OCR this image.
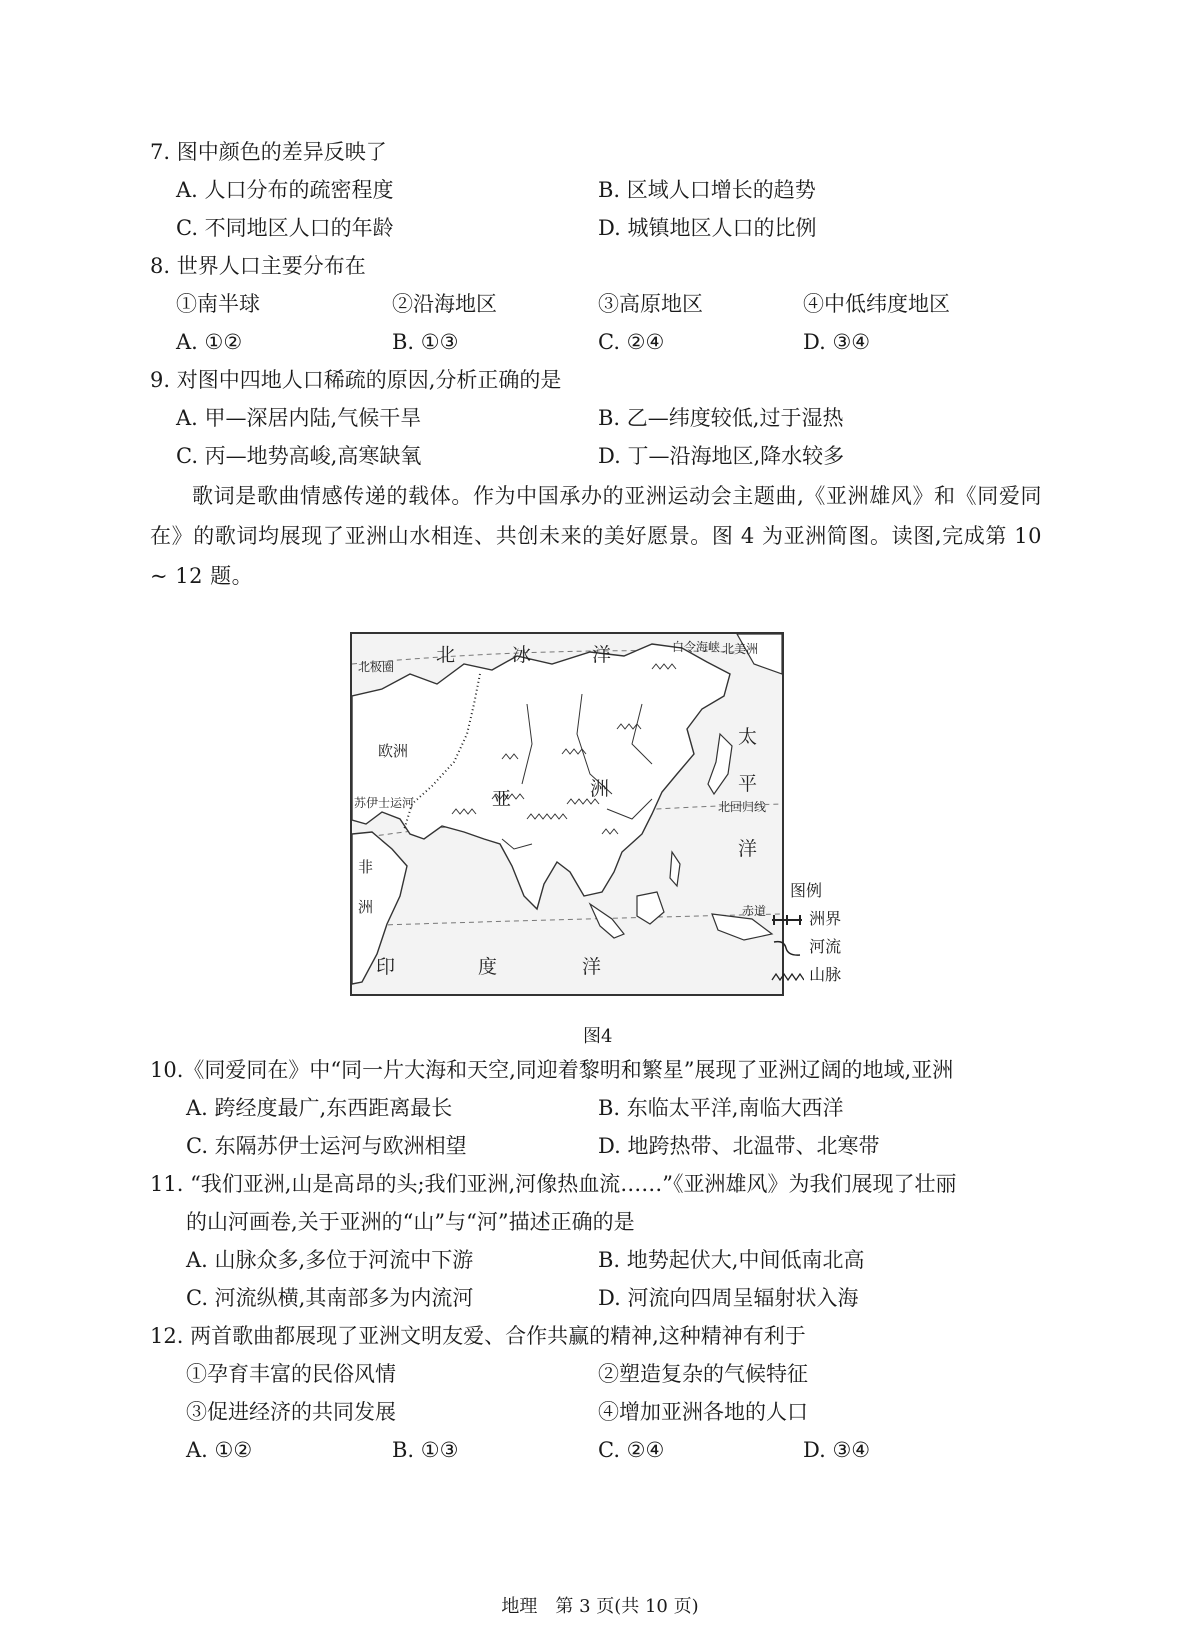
7. 图中颜色的差异反映了
A. 人口分布的疏密程度	B. 区域人口增长的趋势
C. 不同地区人口的年龄	D. 城镇地区人口的比例
8. 世界人口主要分布在
①南半球	②沿海地区	③高原地区	④中低纬度地区
A. ①②	B. ①③	C. ②④	D. ③④
9. 对图中四地人口稀疏的原因,分析正确的是
A. 甲—深居内陆,气候干旱	B. 乙—纬度较低,过于湿热
C. 丙—地势高峻,高寒缺氧	D. 丁—沿海地区,降水较多
歌词是歌曲情感传递的载体。作为中国承办的亚洲运动会主题曲,《亚洲雄风》和《同爱同在》的歌词均展现了亚洲山水相连、共创未来的美好愿景。图 4 为亚洲简图。读图,完成第 10 ~ 12 题。
北	冰	洋
北极圈
白令海峡 北美洲
欧洲
亚	洲
苏伊士运河
非
洲
太
平
洋
北回归线
印	度	洋
赤道
图例
洲界
河流
山脉
图4
10.《同爱同在》中“同一片大海和天空,同迎着黎明和繁星”展现了亚洲辽阔的地域,亚洲
A. 跨经度最广,东西距离最长	B. 东临太平洋,南临大西洋
C. 东隔苏伊士运河与欧洲相望	D. 地跨热带、北温带、北寒带
11. “我们亚洲,山是高昂的头;我们亚洲,河像热血流……”《亚洲雄风》为我们展现了壮丽
的山河画卷,关于亚洲的“山”与“河”描述正确的是
A. 山脉众多,多位于河流中下游	B. 地势起伏大,中间低南北高
C. 河流纵横,其南部多为内流河	D. 河流向四周呈辐射状入海
12. 两首歌曲都展现了亚洲文明友爱、合作共赢的精神,这种精神有利于
①孕育丰富的民俗风情	②塑造复杂的气候特征
③促进经济的共同发展	④增加亚洲各地的人口
A. ①②	B. ①③	C. ②④	D. ③④
地理　第 3 页(共 10 页)
